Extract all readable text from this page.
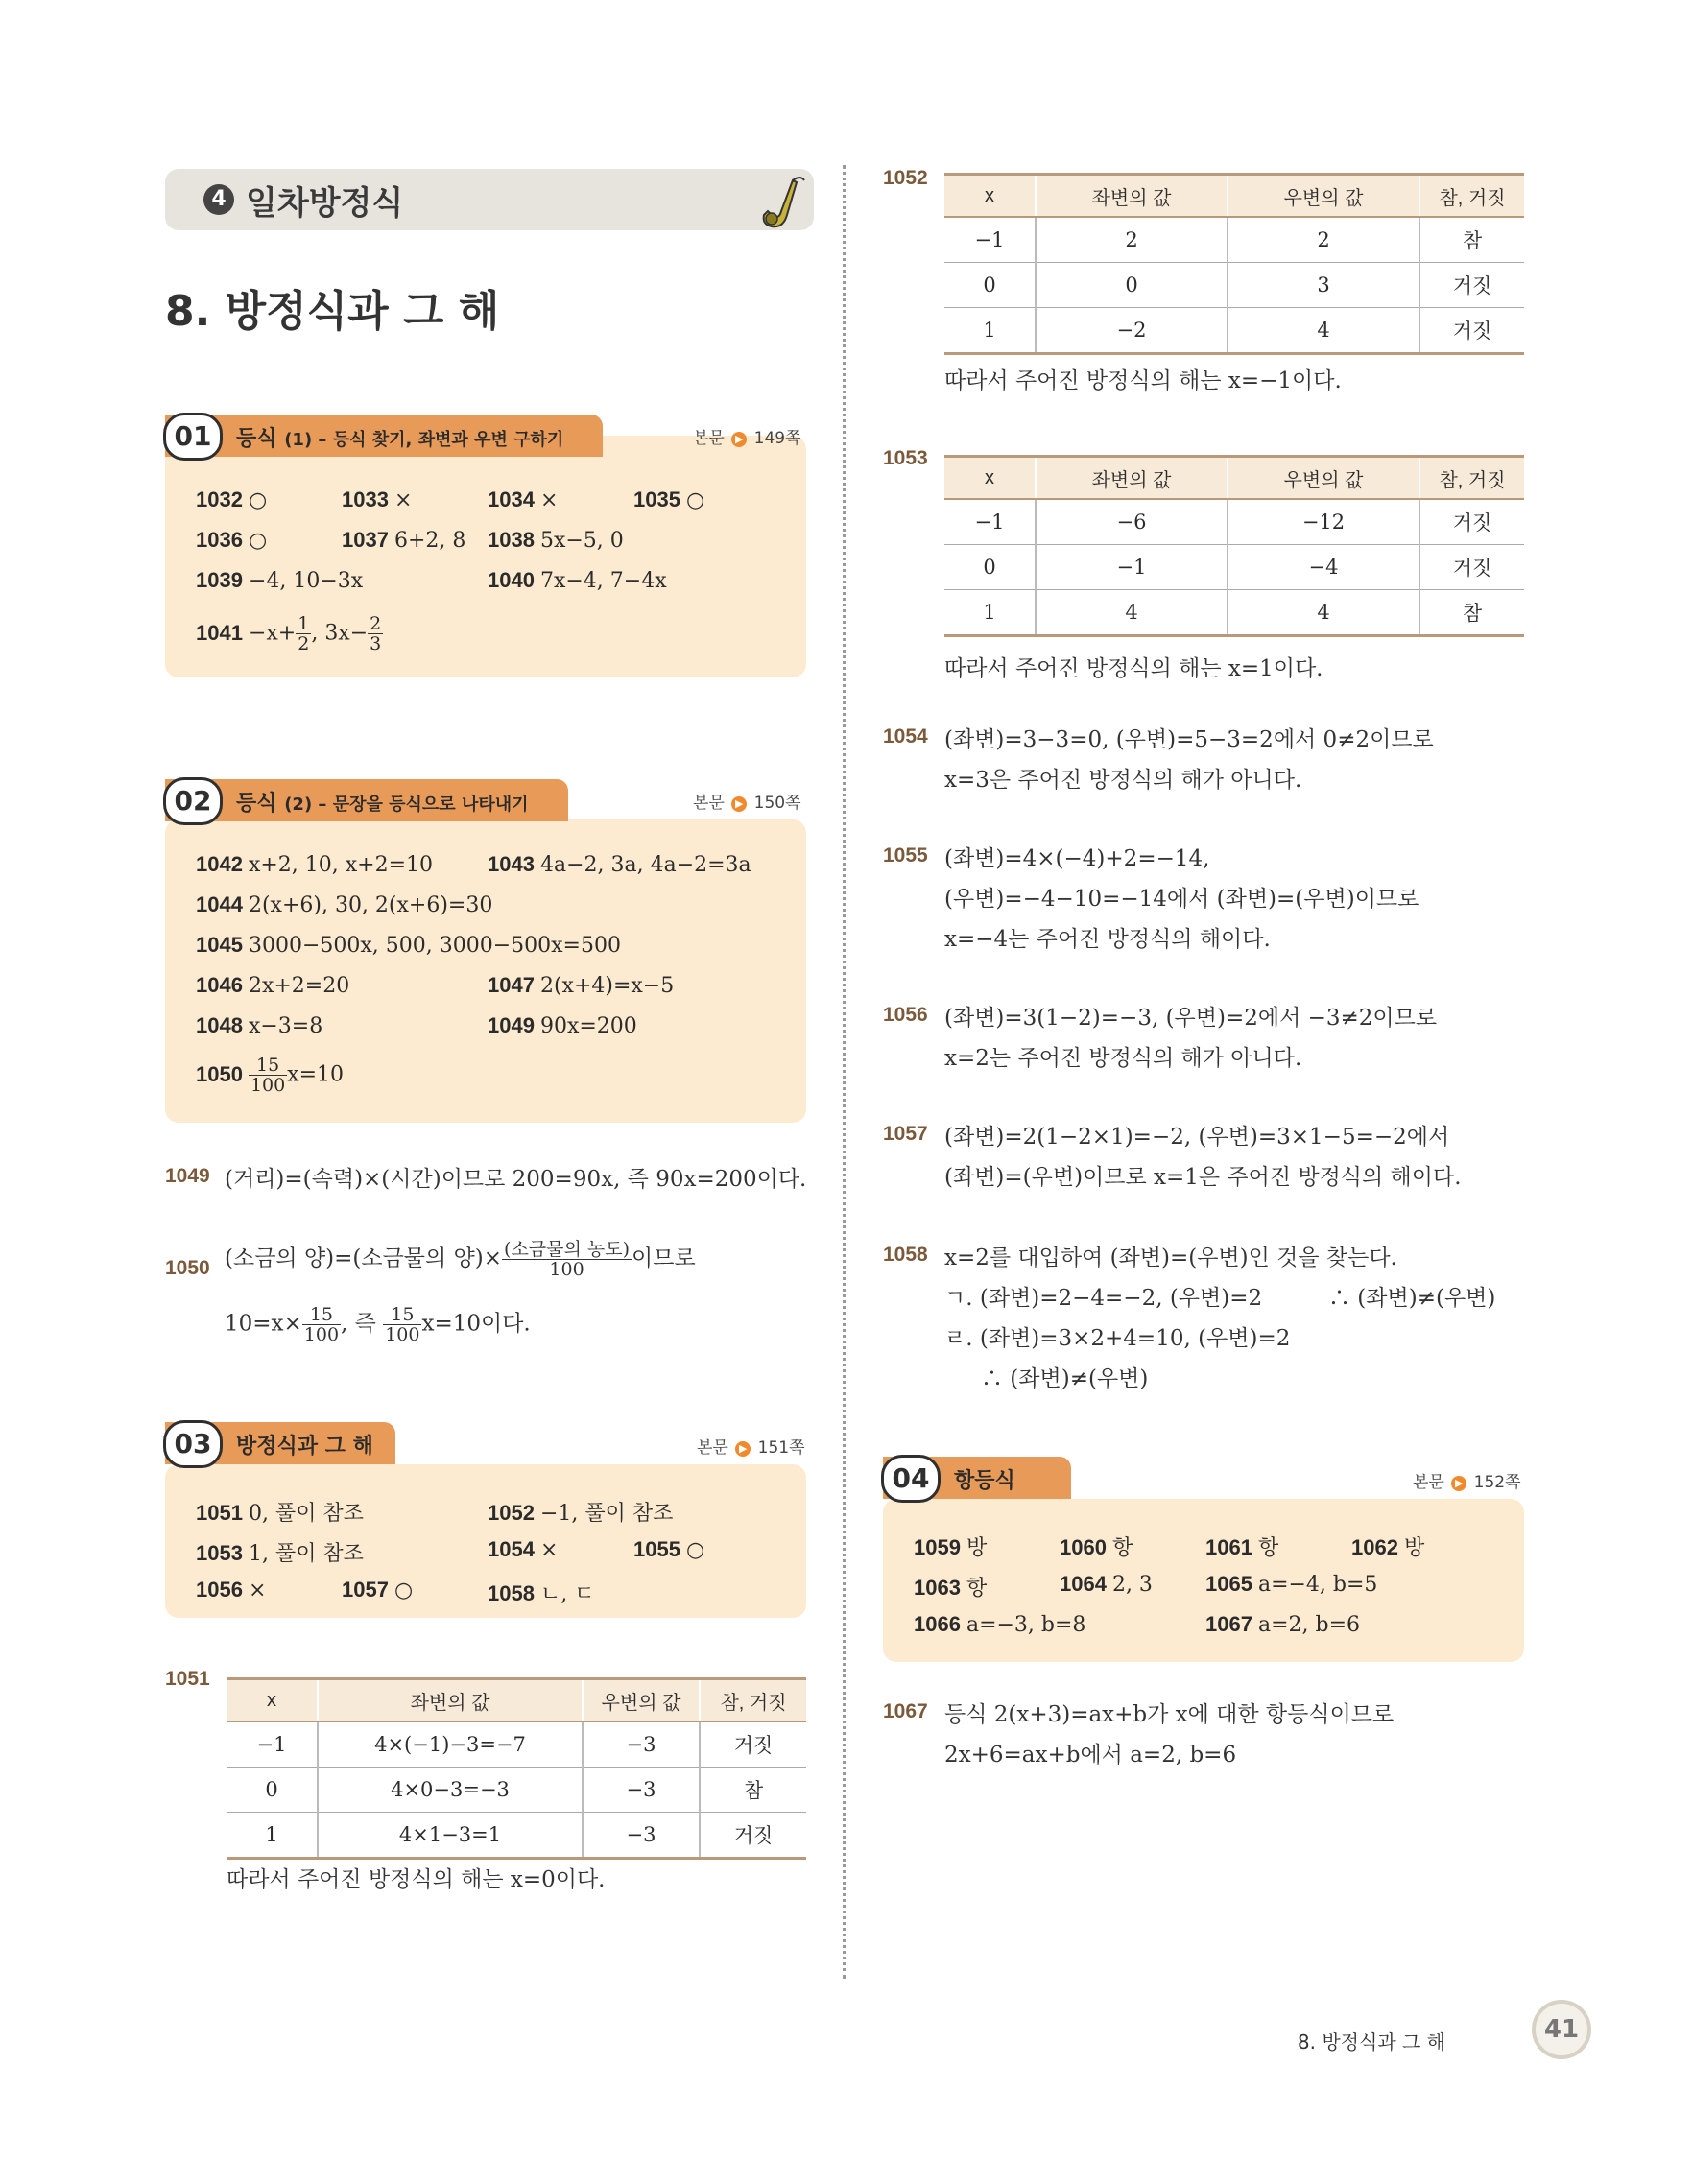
4 일차방정식
8. 방정식과 그 해
01	등식 (1) – 등식 찾기, 좌변과 우변 구하기	본문 ▶ 149쪽
1032 ○	1033 ×	1034 ×	1035 ○
1036 ○	1037 6+2, 8 1038 5x−5, 0
1039 −4, 10−3x	1040 7x−4, 7−4x
$1041 -x+ \frac{1}{2}$ , $3x- \frac{2}{3}$
02	등식 (2) – 문장을 등식으로 나타내기	본문 ▶ 150쪽
1042 x+2, 10, x+2=10	1043 4a−2, 3a, 4a−2=3a
1044 2(x+6), 30, 2(x+6)=30
1045 3000−500x, 500, 3000−500x=500
1046 2x+2=20	1047 2(x+4)=x−5
1048 x−3=8	1049 90x=200
$1050 \frac{15}{100} x=10$
1049 (거리)=(속력)×(시간)이므로 200=90x, 즉 90x=200이다.
1050 (소금의 양)=(소금물의 양)× $\frac{\text{(소금물의 농도)}}{100}$ 이므로
$10=x\times \frac{15}{100}$ , 즉 $\frac{15}{100} x=10$이다.
03	방정식과 그 해	본문 ▶ 151쪽
1051 0, 풀이 참조	1052 −1, 풀이 참조
1053 1, 풀이 참조	1054 ×	1055 ○
1056 ×	1057 ○	1058 ㄴ, ㄷ
1051
x	좌변의 값	우변의 값	참, 거짓
−1	4×(−1)−3=−7	−3	거짓
0	4×0−3=−3	−3	참
1	4×1−3=1	−3	거짓
따라서 주어진 방정식의 해는 x=0이다.
1052
x	좌변의 값	우변의 값	참, 거짓
−1	2	2	참
0	0	3	거짓
1	−2	4	거짓
따라서 주어진 방정식의 해는 x=−1이다.
1053
x	좌변의 값	우변의 값	참, 거짓
−1	−6	−12	거짓
0	−1	−4	거짓
1	4	4	참
따라서 주어진 방정식의 해는 x=1이다.
1054 (좌변)=3−3=0, (우변)=5−3=2에서 0≠2이므로
x=3은 주어진 방정식의 해가 아니다.
1055 (좌변)=4×(−4)+2=−14,
(우변)=−4−10=−14에서 (좌변)=(우변)이므로
x=−4는 주어진 방정식의 해이다.
1056 (좌변)=3(1−2)=−3, (우변)=2에서 −3≠2이므로
x=2는 주어진 방정식의 해가 아니다.
1057 (좌변)=2(1−2×1)=−2, (우변)=3×1−5=−2에서
(좌변)=(우변)이므로 x=1은 주어진 방정식의 해이다.
1058 x=2를 대입하여 (좌변)=(우변)인 것을 찾는다.
ㄱ. (좌변)=2−4=−2, (우변)=2	∴ (좌변)≠(우변)
ㄹ. (좌변)=3×2+4=10, (우변)=2
∴ (좌변)≠(우변)
04	항등식	본문 ▶ 152쪽
1059 방	1060 항	1061 항	1062 방
1063 항	1064 2, 3	1065 a=−4, b=5
1066 a=−3, b=8	1067 a=2, b=6
1067 등식 2(x+3)=ax+b가 x에 대한 항등식이므로
2x+6=ax+b에서 a=2, b=6
8. 방정식과 그 해	41
